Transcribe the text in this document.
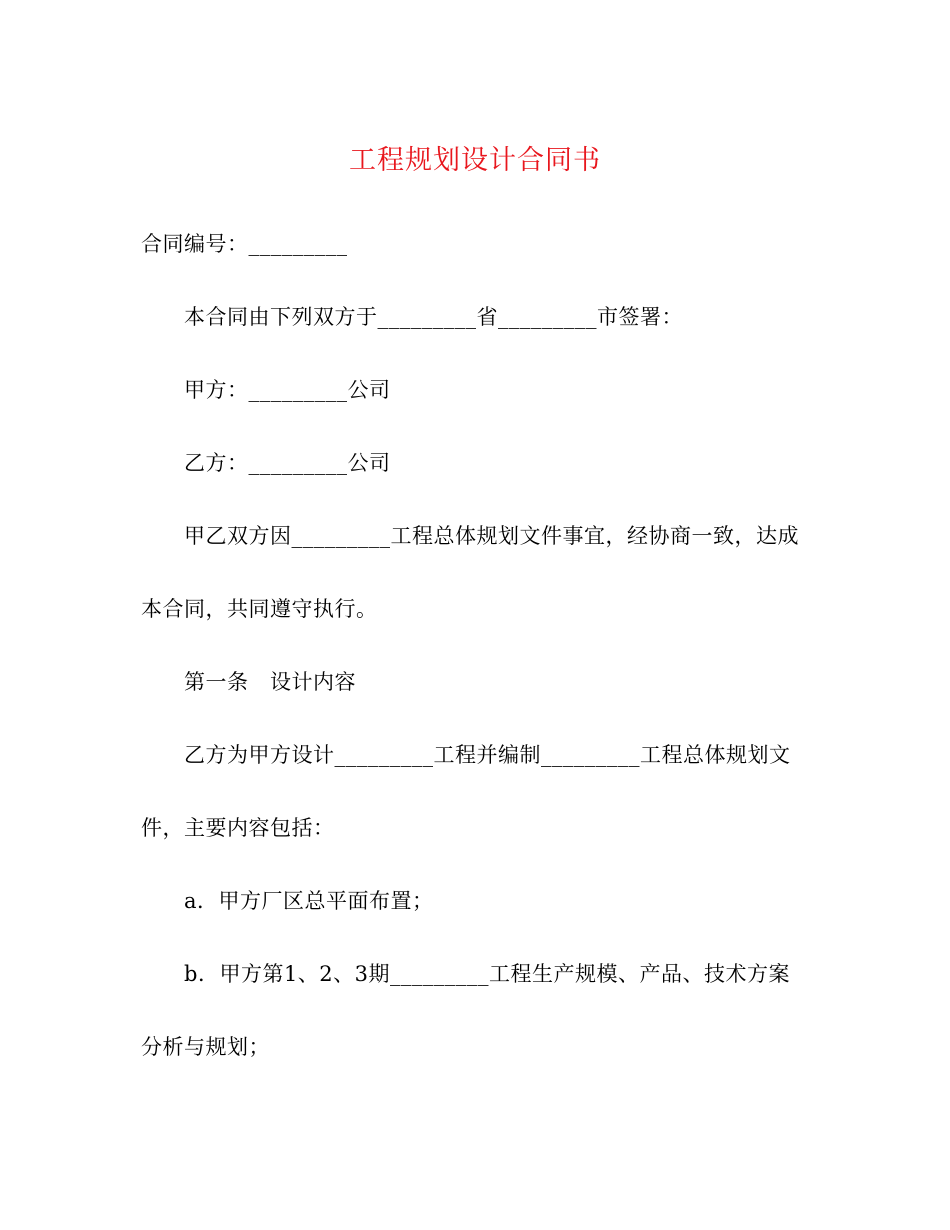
工程规划设计合同书
合同编号：_________
本合同由下列双方于_________省_________市签署：
甲方：_________公司
乙方：_________公司
甲乙双方因_________工程总体规划文件事宜，经协商一致，达成
本合同，共同遵守执行。
第一条　设计内容
乙方为甲方设计_________工程并编制_________工程总体规划文
件，主要内容包括：
a．甲方厂区总平面布置；
b．甲方第1、2、3期_________工程生产规模、产品、技术方案
分析与规划；
